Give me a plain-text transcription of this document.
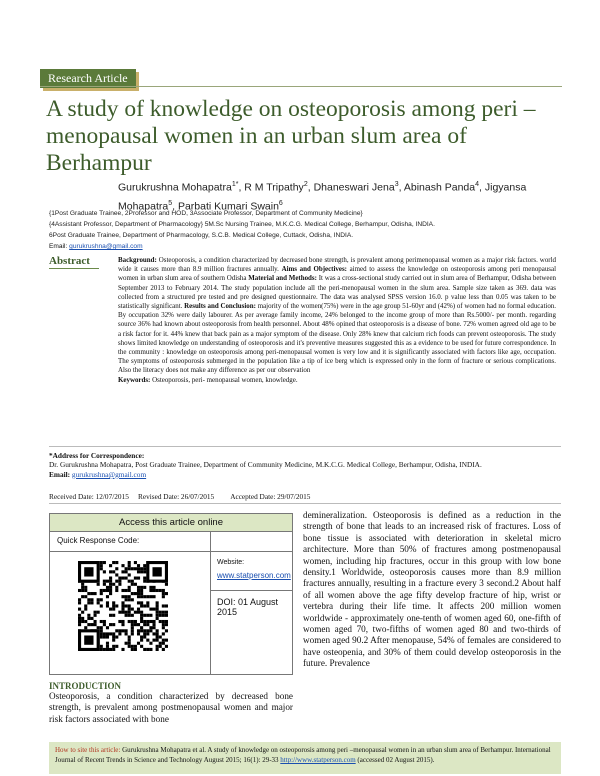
Research Article
A study of knowledge on osteoporosis among peri –menopausal women in an urban slum area of Berhampur
Gurukrushna Mohapatra$^{1*}$, R M Tripathy$^2$, Dhaneswari Jena$^3$, Abinash Panda$^4$, Jigyansa Mohapatra$^5$, Parbati Kumari Swain$^6$
{1Post Graduate Trainee, 2Professor and HOD, 3Associate Professor, Department of Community Medicine}
{4Assistant Professor, Department of Pharmacology} 5M.Sc Nursing Trainee, M.K.C.G. Medical College, Berhampur, Odisha, INDIA.
6Post Graduate Trainee, Department of Pharmacology, S.C.B. Medical College, Cuttack, Odisha, INDIA.
Email: gurukrushna@gmail.com
Abstract	Background: Osteoporosis, a condition characterized by decreased bone strength, is prevalent among perimenopausal women as a major risk factors. world wide it causes more than 8.9 million fractures annually. Aims and Objectives: aimed to assess the knowledge on osteoporosis among peri menopausal women in urban slum area of southern Odisha Material and Methods: It was a cross-sectional study carried out in slum area of Berhampur, Odisha between September 2013 to February 2014. The study population include all the peri-menopausal women in the slum area. Sample size taken as 369. data was collected from a structured pre tested and pre designed questionnaire. The data was analysed SPSS version 16.0. p value less than 0.05 was taken to be statistically significant. Results and Conclusion: majority of the women(75%) were in the age group 51-60yr and (42%) of women had no formal education. By occupation 32% were daily labourer. As per average family income, 24% belonged to the income group of more than Rs.5000/- per month. regarding source 36% had known about osteoporosis from health personnel. About 48% opined that osteoporosis is a disease of bone. 72% women agreed old age to be a risk factor for it. 44% knew that back pain as a major symptom of the disease. Only 28% knew that calcium rich foods can prevent osteoporosis. The study shows limited knowledge on understanding of osteoporosis and it's preventive measures suggested this as a evidence to be used for future correspondence. In the community : knowledge on osteoporosis among peri-menopausal women is very low and it is significantly associated with factors like age, occupation. The symptoms of osteoporosis submerged in the population like a tip of ice berg which is expressed only in the form of fracture or serious complications. Also the literacy does not make any difference as per our observation
Keywords: Osteoporosis, peri- menopausal women, knowledge.
*Address for Correspondence:
Dr. Gurukrushna Mohapatra, Post Graduate Trainee, Department of Community Medicine, M.K.C.G. Medical College, Berhampur, Odisha, INDIA.
Email: gurukrushna@gmail.com
Received Date: 12/07/2015 Revised Date: 26/07/2015 Accepted Date: 29/07/2015
Access this article online
Quick Response Code:
Website:
www.statperson.com
DOI: 01 August 2015
INTRODUCTION
Osteoporosis, a condition characterized by decreased bone strength, is prevalent among postmenopausal women and major risk factors associated with bone
demineralization. Osteoporosis is defined as a reduction in the strength of bone that leads to an increased risk of fractures. Loss of bone tissue is associated with deterioration in skeletal micro architecture. More than 50% of fractures among postmenopausal women, including hip fractures, occur in this group with low bone density.1 Worldwide, osteoporosis causes more than 8.9 million fractures annually, resulting in a fracture every 3 second.2 About half of all women above the age fifty develop fracture of hip, wrist or vertebra during their life time. It affects 200 million women worldwide - approximately one-tenth of women aged 60, one-fifth of women aged 70, two-fifths of women aged 80 and two-thirds of women aged 90.2 After menopause, 54% of females are considered to have osteopenia, and 30% of them could develop osteoporosis in the future. Prevalence
How to site this article: Gurukrushna Mohapatra et al. A study of knowledge on osteoporosis among peri –menopausal women in an urban slum area of Berhampur. International Journal of Recent Trends in Science and Technology August 2015; 16(1): 29-33 http://www.statperson.com (accessed 02 August 2015).
